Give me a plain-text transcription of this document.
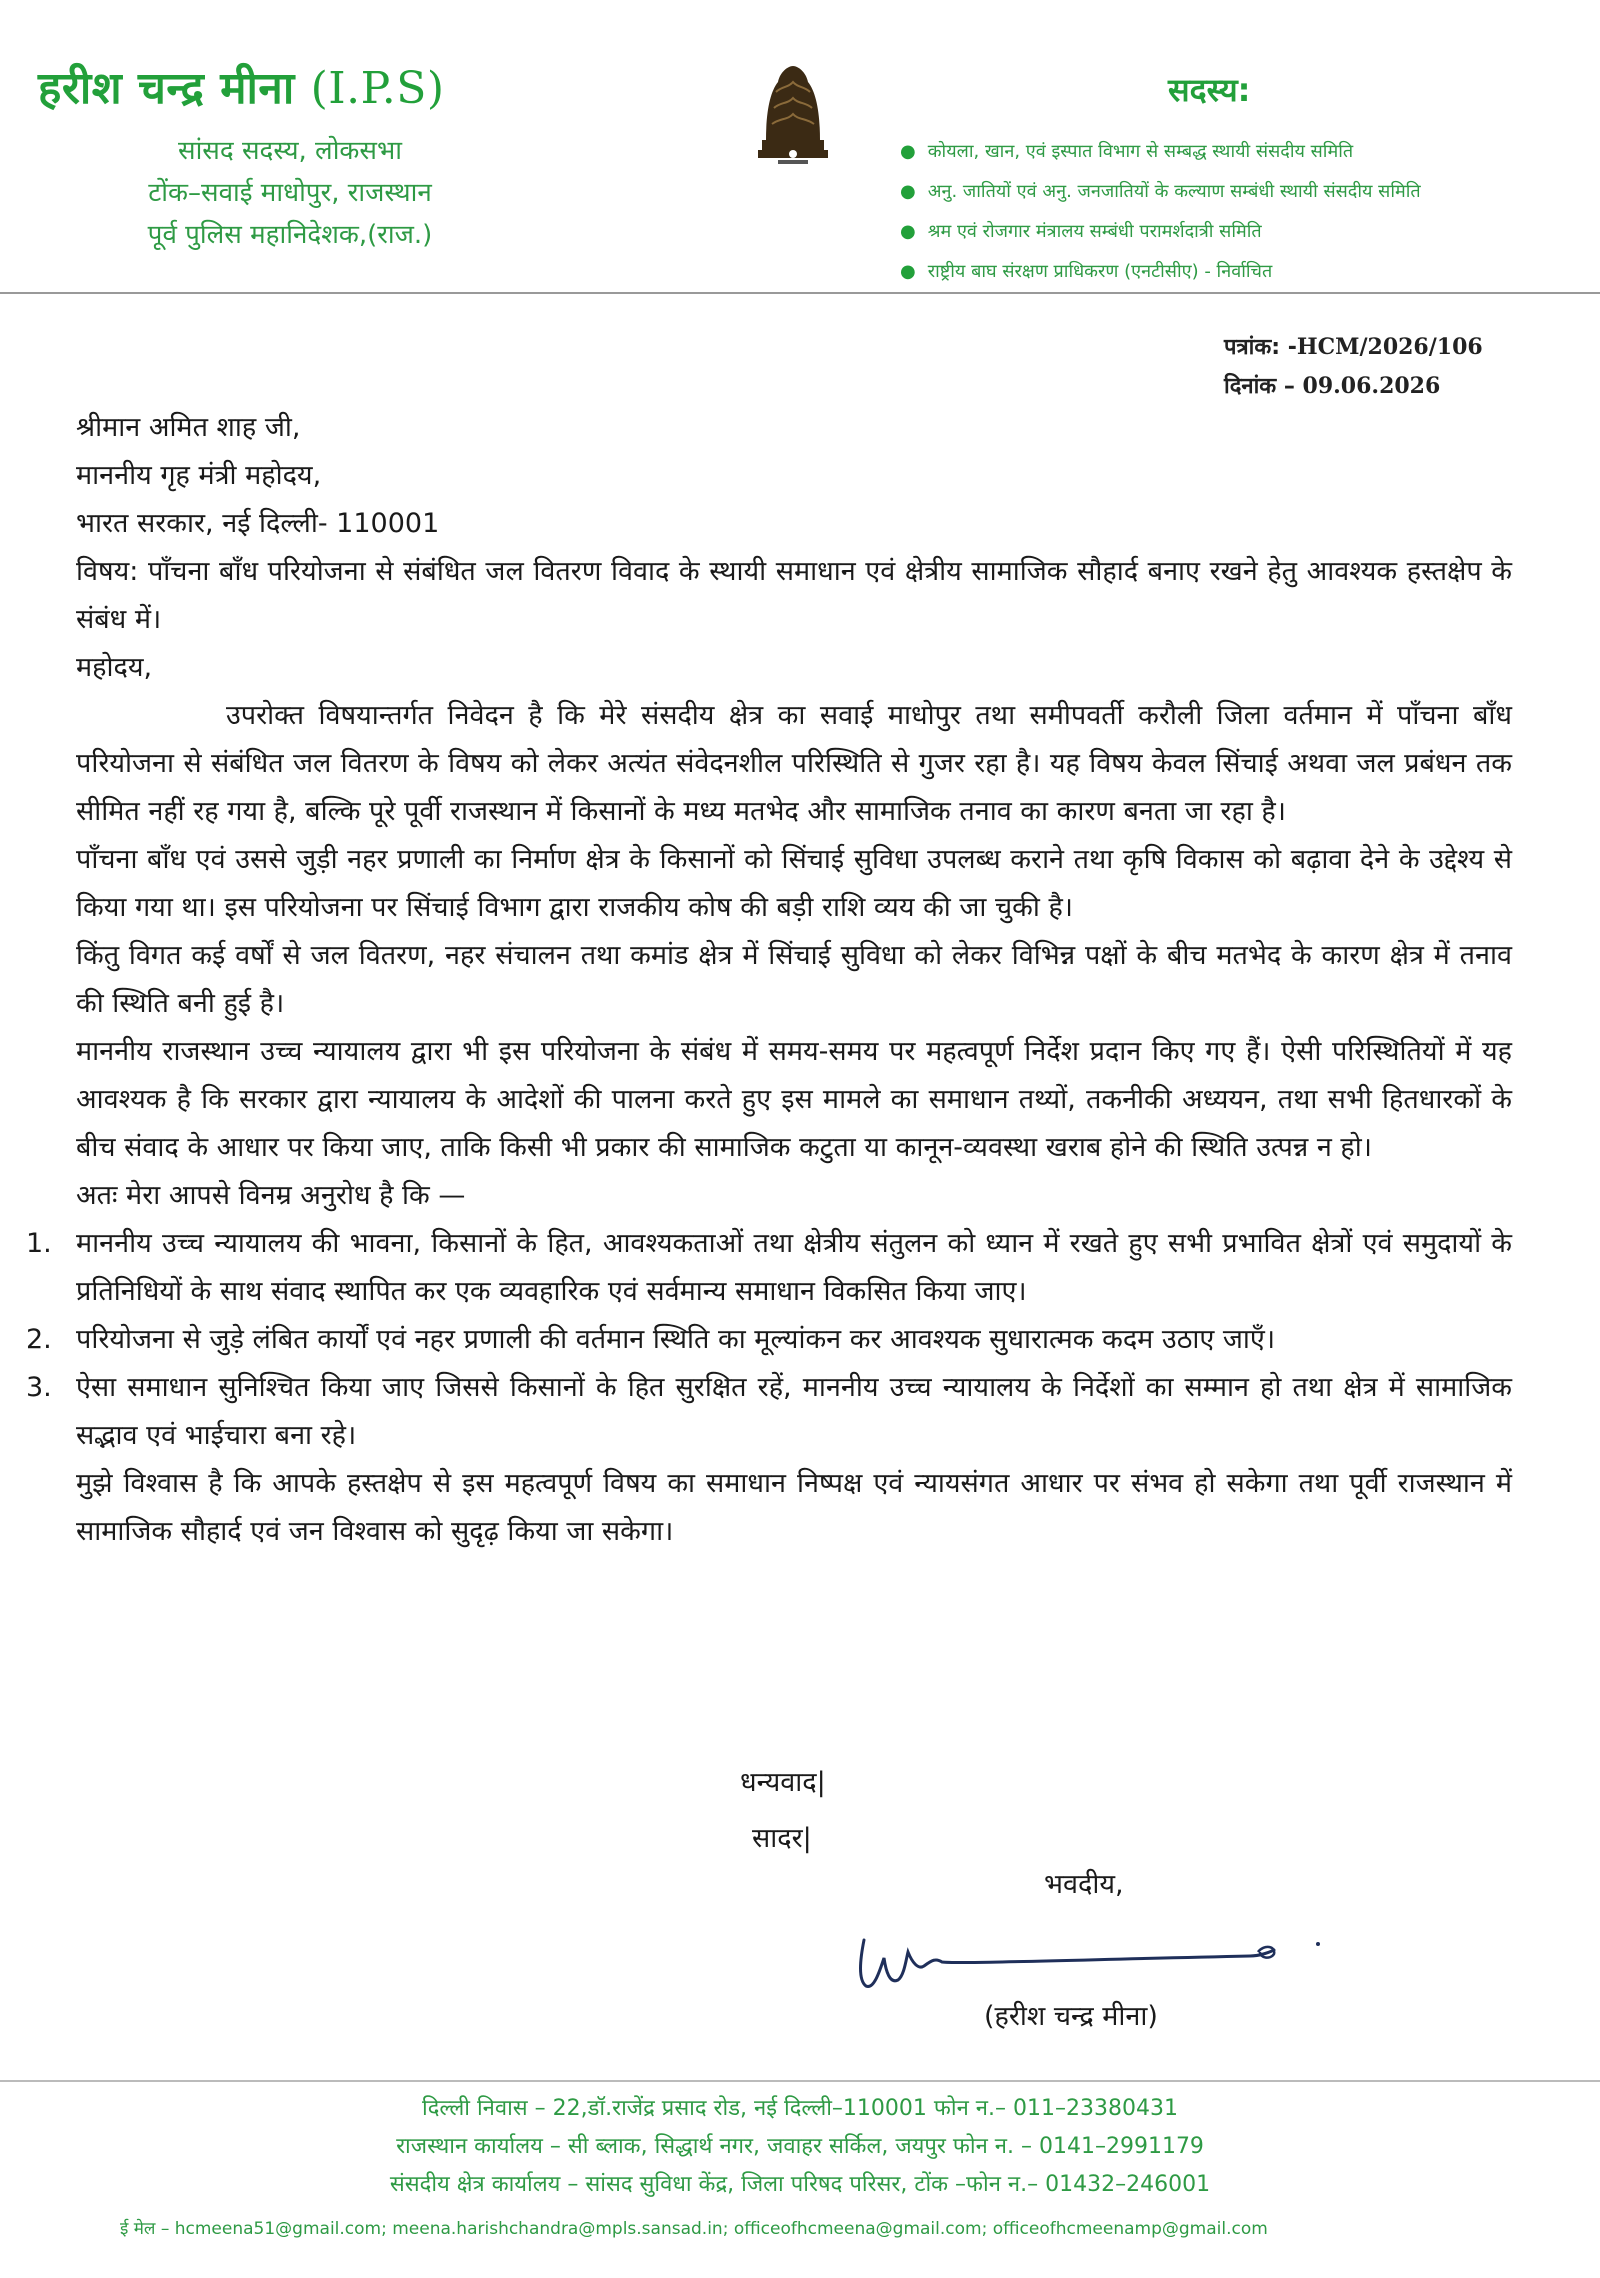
हरीश चन्द्र मीना (I.P.S)
सांसद सदस्य, लोकसभा
टोंक–सवाई माधोपुर, राजस्थान
पूर्व पुलिस महानिदेशक,(राज.)
सदस्य:
● कोयला, खान, एवं इस्पात विभाग से सम्बद्ध स्थायी संसदीय समिति
● अनु. जातियों एवं अनु. जनजातियों के कल्याण सम्बंधी स्थायी संसदीय समिति
● श्रम एवं रोजगार मंत्रालय सम्बंधी परामर्शदात्री समिति
● राष्ट्रीय बाघ संरक्षण प्राधिकरण (एनटीसीए) - निर्वाचित
पत्रांक: -HCM/2026/106
दिनांक – 09.06.2026

श्रीमान अमित शाह जी,

माननीय गृह मंत्री महोदय,

भारत सरकार, नई दिल्ली- 110001

विषय: पाँचना बाँध परियोजना से संबंधित जल वितरण विवाद के स्थायी समाधान एवं क्षेत्रीय सामाजिक सौहार्द बनाए रखने हेतु आवश्यक हस्तक्षेप के संबंध में।

महोदय,

उपरोक्त विषयान्तर्गत निवेदन है कि मेरे संसदीय क्षेत्र का सवाई माधोपुर तथा समीपवर्ती करौली जिला वर्तमान में पाँचना बाँध परियोजना से संबंधित जल वितरण के विषय को लेकर अत्यंत संवेदनशील परिस्थिति से गुजर रहा है। यह विषय केवल सिंचाई अथवा जल प्रबंधन तक सीमित नहीं रह गया है, बल्कि पूरे पूर्वी राजस्थान में किसानों के मध्य मतभेद और सामाजिक तनाव का कारण बनता जा रहा है।

पाँचना बाँध एवं उससे जुड़ी नहर प्रणाली का निर्माण क्षेत्र के किसानों को सिंचाई सुविधा उपलब्ध कराने तथा कृषि विकास को बढ़ावा देने के उद्देश्य से किया गया था। इस परियोजना पर सिंचाई विभाग द्वारा राजकीय कोष की बड़ी राशि व्यय की जा चुकी है।

किंतु विगत कई वर्षों से जल वितरण, नहर संचालन तथा कमांड क्षेत्र में सिंचाई सुविधा को लेकर विभिन्न पक्षों के बीच मतभेद के कारण क्षेत्र में तनाव की स्थिति बनी हुई है।

माननीय राजस्थान उच्च न्यायालय द्वारा भी इस परियोजना के संबंध में समय-समय पर महत्वपूर्ण निर्देश प्रदान किए गए हैं। ऐसी परिस्थितियों में यह आवश्यक है कि सरकार द्वारा न्यायालय के आदेशों की पालना करते हुए इस मामले का समाधान तथ्यों, तकनीकी अध्ययन, तथा सभी हितधारकों के बीच संवाद के आधार पर किया जाए, ताकि किसी भी प्रकार की सामाजिक कटुता या कानून-व्यवस्था खराब होने की स्थिति उत्पन्न न हो।

अतः मेरा आपसे विनम्र अनुरोध है कि —

1. माननीय उच्च न्यायालय की भावना, किसानों के हित, आवश्यकताओं तथा क्षेत्रीय संतुलन को ध्यान में रखते हुए सभी प्रभावित क्षेत्रों एवं समुदायों के प्रतिनिधियों के साथ संवाद स्थापित कर एक व्यवहारिक एवं सर्वमान्य समाधान विकसित किया जाए।
2. परियोजना से जुड़े लंबित कार्यों एवं नहर प्रणाली की वर्तमान स्थिति का मूल्यांकन कर आवश्यक सुधारात्मक कदम उठाए जाएँ।
3. ऐसा समाधान सुनिश्चित किया जाए जिससे किसानों के हित सुरक्षित रहें, माननीय उच्च न्यायालय के निर्देशों का सम्मान हो तथा क्षेत्र में सामाजिक सद्भाव एवं भाईचारा बना रहे।

मुझे विश्वास है कि आपके हस्तक्षेप से इस महत्वपूर्ण विषय का समाधान निष्पक्ष एवं न्यायसंगत आधार पर संभव हो सकेगा तथा पूर्वी राजस्थान में सामाजिक सौहार्द एवं जन विश्वास को सुदृढ़ किया जा सकेगा।

धन्यवाद|
सादर|
भवदीय,
(हरीश चन्द्र मीना)
दिल्ली निवास – 22,डॉ.राजेंद्र प्रसाद रोड, नई दिल्ली–110001 फोन न.– 011–23380431
राजस्थान कार्यालय – सी ब्लाक, सिद्धार्थ नगर, जवाहर सर्किल, जयपुर फोन न. – 0141–2991179
संसदीय क्षेत्र कार्यालय – सांसद सुविधा केंद्र, जिला परिषद परिसर, टोंक –फोन न.– 01432–246001
ई मेल – hcmeena51@gmail.com; meena.harishchandra@mpls.sansad.in; officeofhcmeena@gmail.com; officeofhcmeenamp@gmail.com
